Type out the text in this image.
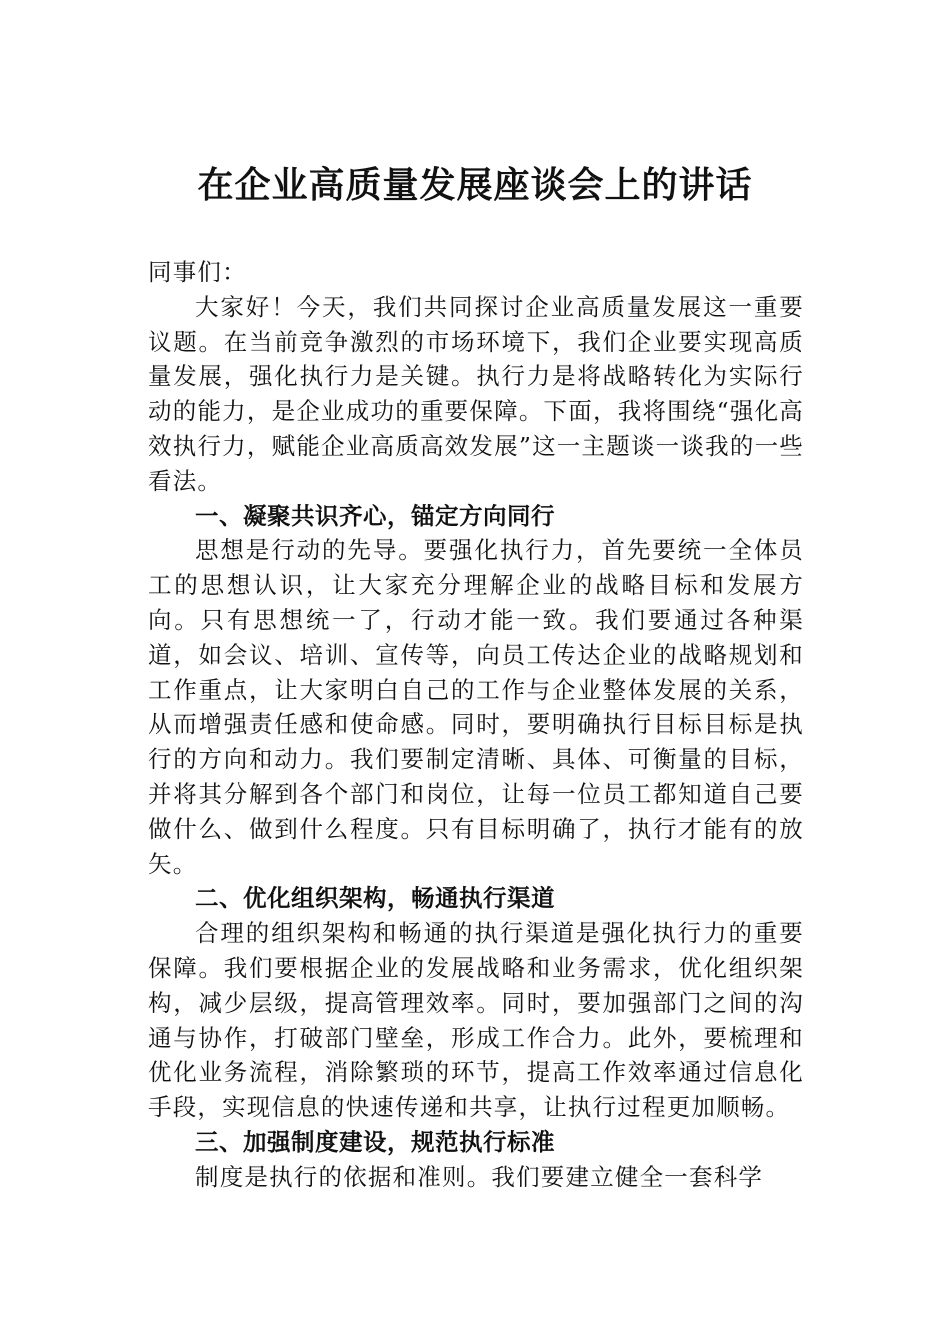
在企业高质量发展座谈会上的讲话

同事们：

大家好！今天，我们共同探讨企业高质量发展这一重要议题。在当前竞争激烈的市场环境下，我们企业要实现高质量发展，强化执行力是关键。执行力是将战略转化为实际行动的能力，是企业成功的重要保障。下面，我将围绕“强化高效执行力，赋能企业高质高效发展”这一主题谈一谈我的一些看法。

一、凝聚共识齐心，锚定方向同行

思想是行动的先导。要强化执行力，首先要统一全体员工的思想认识，让大家充分理解企业的战略目标和发展方向。只有思想统一了，行动才能一致。我们要通过各种渠道，如会议、培训、宣传等，向员工传达企业的战略规划和工作重点，让大家明白自己的工作与企业整体发展的关系，从而增强责任感和使命感。同时，要明确执行目标目标是执行的方向和动力。我们要制定清晰、具体、可衡量的目标，并将其分解到各个部门和岗位，让每一位员工都知道自己要做什么、做到什么程度。只有目标明确了，执行才能有的放矢。

二、优化组织架构，畅通执行渠道

合理的组织架构和畅通的执行渠道是强化执行力的重要保障。我们要根据企业的发展战略和业务需求，优化组织架构，减少层级，提高管理效率。同时，要加强部门之间的沟通与协作，打破部门壁垒，形成工作合力。此外，要梳理和优化业务流程，消除繁琐的环节，提高工作效率通过信息化手段，实现信息的快速传递和共享，让执行过程更加顺畅。

三、加强制度建设，规范执行标准

制度是执行的依据和准则。我们要建立健全一套科学
